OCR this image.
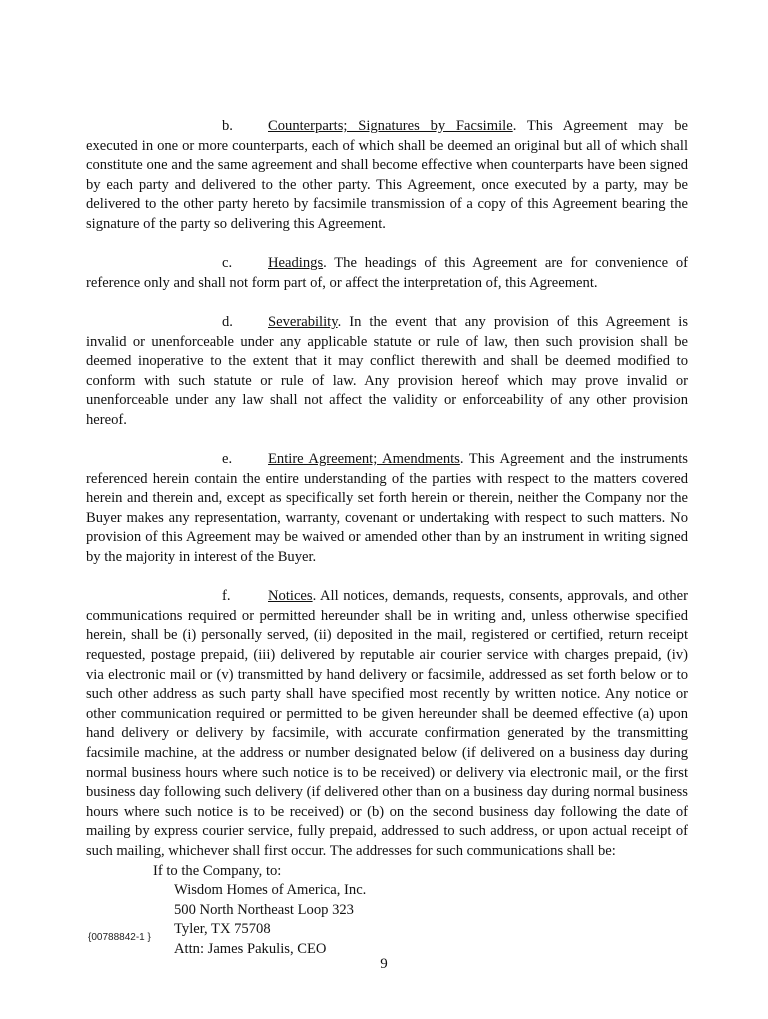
b. Counterparts; Signatures by Facsimile. This Agreement may be executed in one or more counterparts, each of which shall be deemed an original but all of which shall constitute one and the same agreement and shall become effective when counterparts have been signed by each party and delivered to the other party. This Agreement, once executed by a party, may be delivered to the other party hereto by facsimile transmission of a copy of this Agreement bearing the signature of the party so delivering this Agreement.

c. Headings. The headings of this Agreement are for convenience of reference only and shall not form part of, or affect the interpretation of, this Agreement.

d. Severability. In the event that any provision of this Agreement is invalid or unenforceable under any applicable statute or rule of law, then such provision shall be deemed inoperative to the extent that it may conflict therewith and shall be deemed modified to conform with such statute or rule of law. Any provision hereof which may prove invalid or unenforceable under any law shall not affect the validity or enforceability of any other provision hereof.

e. Entire Agreement; Amendments. This Agreement and the instruments referenced herein contain the entire understanding of the parties with respect to the matters covered herein and therein and, except as specifically set forth herein or therein, neither the Company nor the Buyer makes any representation, warranty, covenant or undertaking with respect to such matters. No provision of this Agreement may be waived or amended other than by an instrument in writing signed by the majority in interest of the Buyer.

f.	Notices. All notices, demands, requests, consents, approvals, and other communications required or permitted hereunder shall be in writing and, unless otherwise specified herein, shall be (i) personally served, (ii) deposited in the mail, registered or certified, return receipt requested, postage prepaid, (iii) delivered by reputable air courier service with charges prepaid, (iv) via electronic mail or (v) transmitted by hand delivery or facsimile, addressed as set forth below or to such other address as such party shall have specified most recently by written notice. Any notice or other communication required or permitted to be given hereunder shall be deemed effective (a) upon hand delivery or delivery by facsimile, with accurate confirmation generated by the transmitting facsimile machine, at the address or number designated below (if delivered on a business day during normal business hours where such notice is to be received) or delivery via electronic mail, or the first business day following such delivery (if delivered other than on a business day during normal business hours where such notice is to be received) or (b) on the second business day following the date of mailing by express courier service, fully prepaid, addressed to such address, or upon actual receipt of such mailing, whichever shall first occur. The addresses for such communications shall be:

If to the Company, to:
Wisdom Homes of America, Inc.
500 North Northeast Loop 323
Tyler, TX 75708
Attn: James Pakulis, CEO
{00788842-1 }
9
